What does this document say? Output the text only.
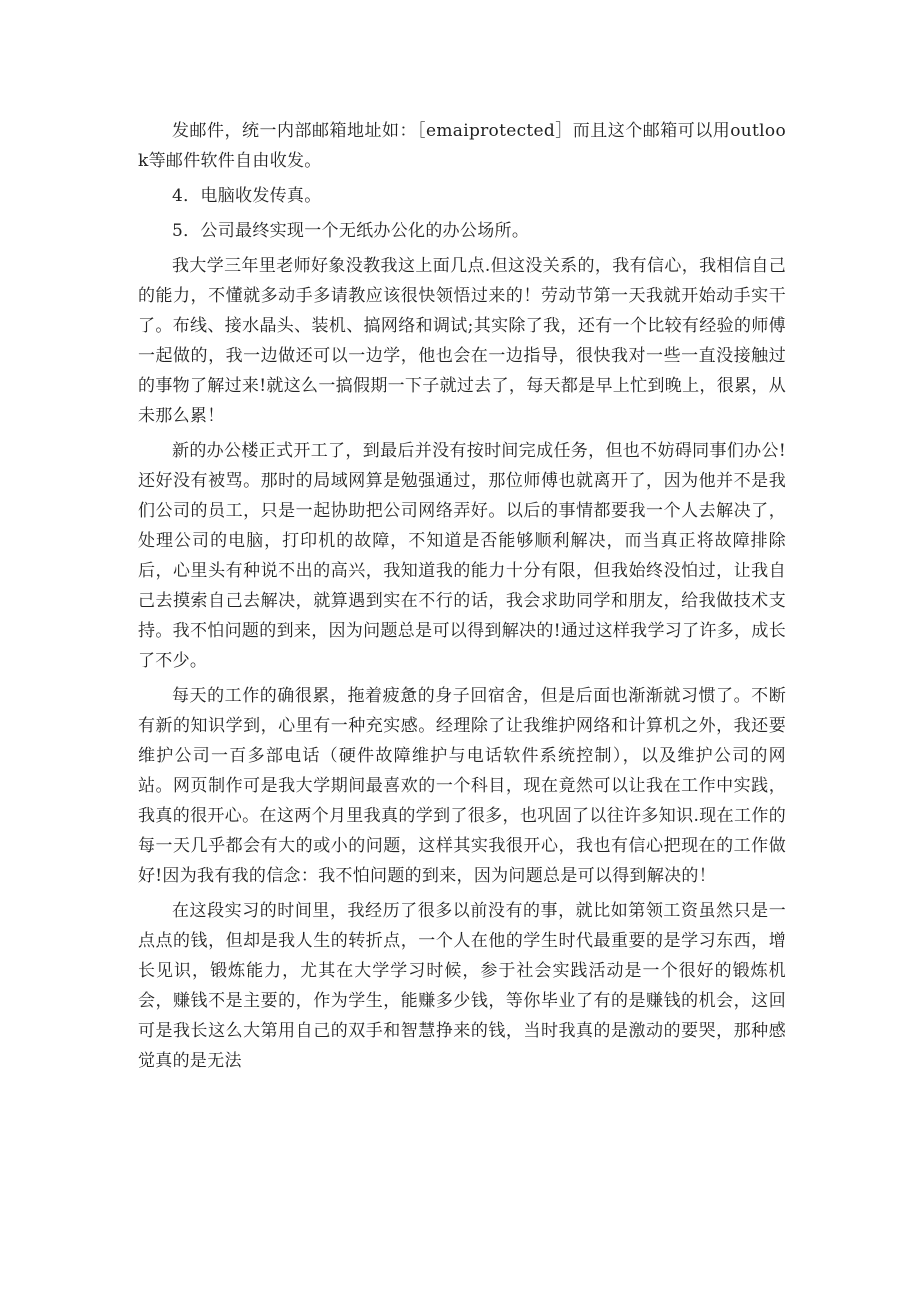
发邮件，统一内部邮箱地址如：［emaiprotected］而且这个邮箱可以用outlook等邮件软件自由收发。

4．电脑收发传真。

5．公司最终实现一个无纸办公化的办公场所。

我大学三年里老师好象没教我这上面几点.但这没关系的，我有信心，我相信自己的能力，不懂就多动手多请教应该很快领悟过来的！劳动节第一天我就开始动手实干了。布线、接水晶头、装机、搞网络和调试;其实除了我，还有一个比较有经验的师傅一起做的，我一边做还可以一边学，他也会在一边指导，很快我对一些一直没接触过的事物了解过来!就这么一搞假期一下子就过去了，每天都是早上忙到晚上，很累，从未那么累！

新的办公楼正式开工了，到最后并没有按时间完成任务，但也不妨碍同事们办公!还好没有被骂。那时的局域网算是勉强通过，那位师傅也就离开了，因为他并不是我们公司的员工，只是一起协助把公司网络弄好。以后的事情都要我一个人去解决了，处理公司的电脑，打印机的故障，不知道是否能够顺利解决，而当真正将故障排除后，心里头有种说不出的高兴，我知道我的能力十分有限，但我始终没怕过，让我自己去摸索自己去解决，就算遇到实在不行的话，我会求助同学和朋友，给我做技术支持。我不怕问题的到来，因为问题总是可以得到解决的!通过这样我学习了许多，成长了不少。

每天的工作的确很累，拖着疲惫的身子回宿舍，但是后面也渐渐就习惯了。不断有新的知识学到，心里有一种充实感。经理除了让我维护网络和计算机之外，我还要维护公司一百多部电话（硬件故障维护与电话软件系统控制），以及维护公司的网站。网页制作可是我大学期间最喜欢的一个科目，现在竟然可以让我在工作中实践，我真的很开心。在这两个月里我真的学到了很多，也巩固了以往许多知识.现在工作的每一天几乎都会有大的或小的问题，这样其实我很开心，我也有信心把现在的工作做好!因为我有我的信念：我不怕问题的到来，因为问题总是可以得到解决的！

在这段实习的时间里，我经历了很多以前没有的事，就比如第领工资虽然只是一点点的钱，但却是我人生的转折点，一个人在他的学生时代最重要的是学习东西，增长见识，锻炼能力，尤其在大学学习时候，参于社会实践活动是一个很好的锻炼机会，赚钱不是主要的，作为学生，能赚多少钱，等你毕业了有的是赚钱的机会，这回可是我长这么大第用自己的双手和智慧挣来的钱，当时我真的是激动的要哭，那种感觉真的是无法
